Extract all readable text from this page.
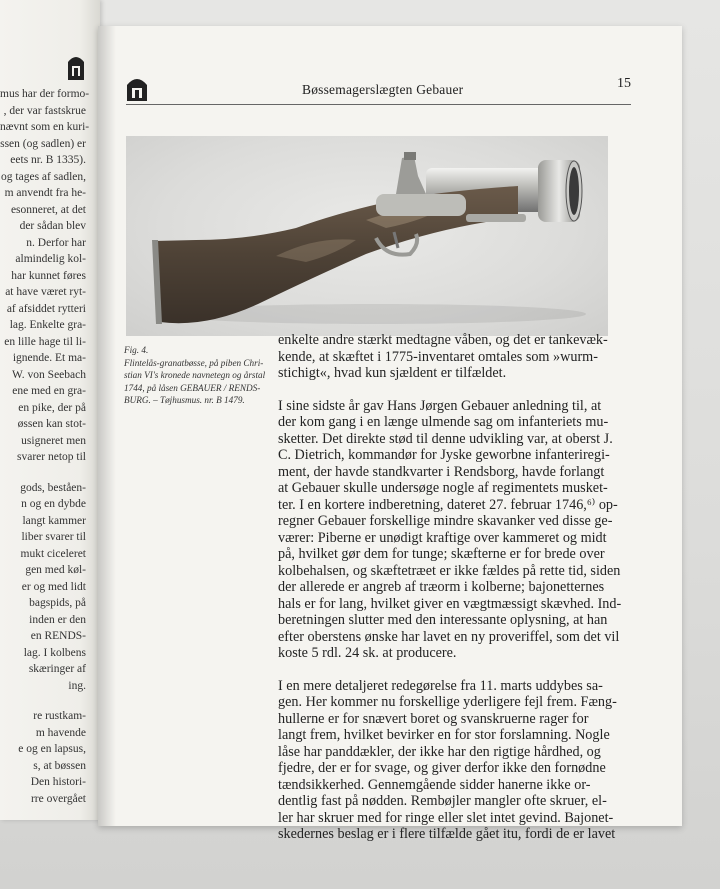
mus har der formo-
, der var fastskrue
nævnt som en kuri-
ssen (og sadlen) er
eets nr. B 1335).
og tages af sadlen,
m anvendt fra he-
esonneret, at det
der sådan blev
n. Derfor har
almindelig kol-
har kunnet føres
at have været ryt-
af afsiddet rytteri
lag. Enkelte gra-
en lille hage til li-
ignende. Et ma-
W. von Seebach
ene med en gra-
en pike, der på
øssen kan stot-
usigneret men
svarer netop til
gods, beståen-
n og en dybde
langt kammer
liber svarer til
mukt ciceleret
gen med køl-
er og med lidt
bagspids, på
inden er den
en RENDS-
lag. I kolbens
skæringer af
ing.
re rustkam-
m havende
e og en lapsus,
s, at bøssen
Den histori-
rre overgået
Bøssemagerslægten Gebauer	15
Fig. 4.
Flintelås-granatbøsse, på piben Chri-
stian VI's kronede navnetegn og årstal
1744, på låsen GEBAUER / RENDS-
BURG. – Tøjhusmus. nr. B 1479.
enkelte andre stærkt medtagne våben, og det er tankevæk-
kende, at skæftet i 1775-inventaret omtales som »wurm-
stichigt«, hvad kun sjældent er tilfældet.
I sine sidste år gav Hans Jørgen Gebauer anledning til, at
der kom gang i en længe ulmende sag om infanteriets mu-
sketter. Det direkte stød til denne udvikling var, at oberst J.
C. Dietrich, kommandør for Jyske geworbne infanteriregi-
ment, der havde standkvarter i Rendsborg, havde forlangt
at Gebauer skulle undersøge nogle af regimentets musket-
ter. I en kortere indberetning, dateret 27. februar 1746,⁶⁾ op-
regner Gebauer forskellige mindre skavanker ved disse ge-
værer: Piberne er unødigt kraftige over kammeret og midt
på, hvilket gør dem for tunge; skæfterne er for brede over
kolbehalsen, og skæftetræet er ikke fældes på rette tid, siden
der allerede er angreb af træorm i kolberne; bajonetternes
hals er for lang, hvilket giver en vægtmæssigt skævhed. Ind-
beretningen slutter med den interessante oplysning, at han
efter oberstens ønske har lavet en ny proveriffel, som det vil
koste 5 rdl. 24 sk. at producere.
I en mere detaljeret redegørelse fra 11. marts uddybes sa-
gen. Her kommer nu forskellige yderligere fejl frem. Fæng-
hullerne er for snævert boret og svanskruerne rager for
langt frem, hvilket bevirker en for stor forslamning. Nogle
låse har panddækler, der ikke har den rigtige hårdhed, og
fjedre, der er for svage, og giver derfor ikke den fornødne
tændsikkerhed. Gennemgående sidder hanerne ikke or-
dentlig fast på nødden. Rembøjler mangler ofte skruer, el-
ler har skruer med for ringe eller slet intet gevind. Bajonet-
skedernes beslag er i flere tilfælde gået itu, fordi de er lavet
